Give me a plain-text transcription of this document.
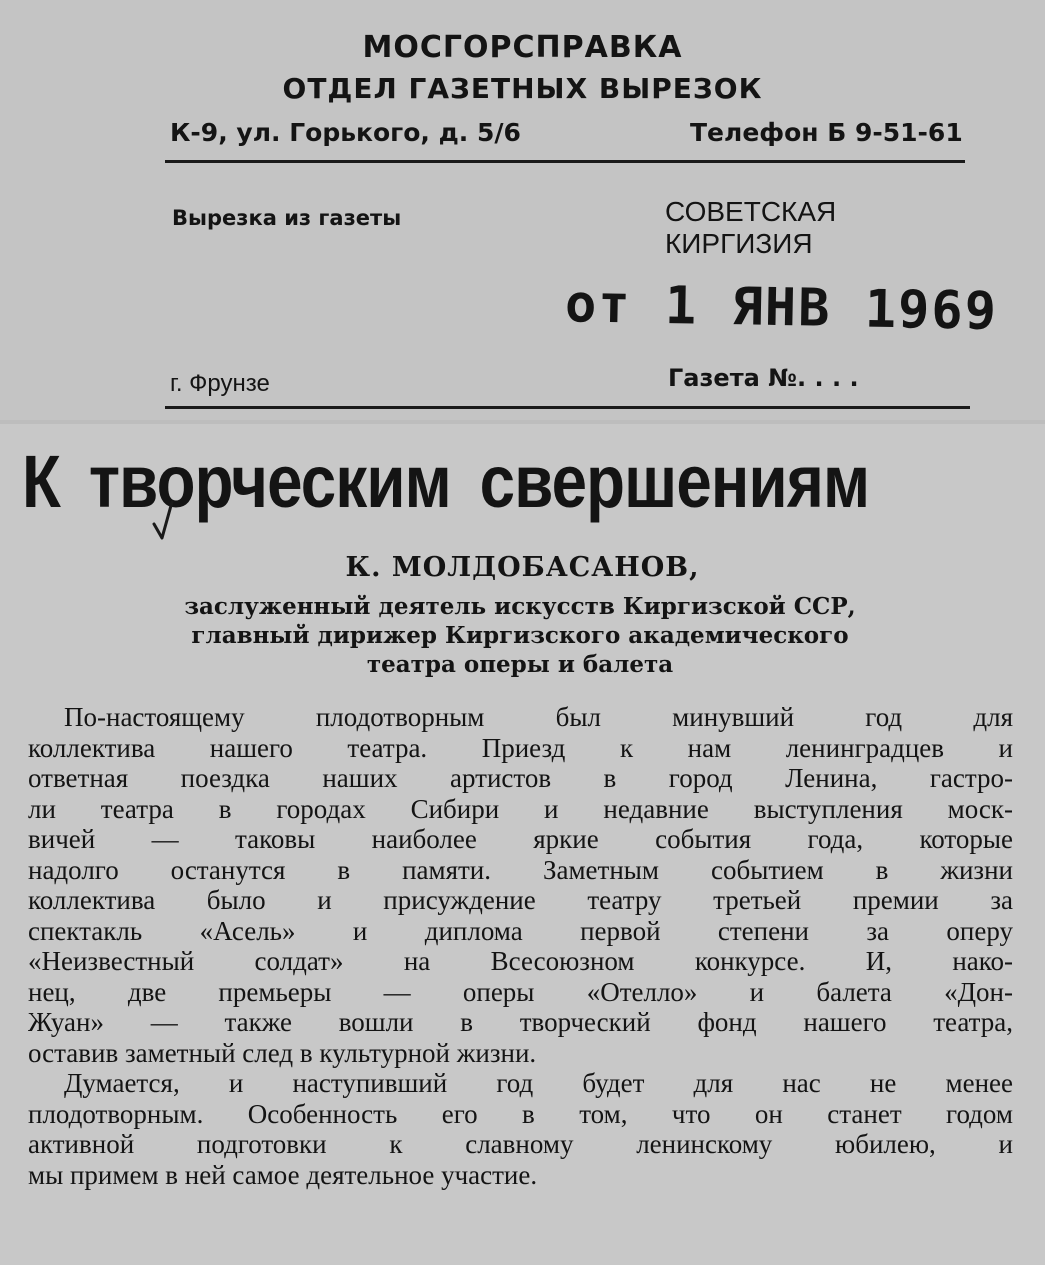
МОСГОРСПРАВКА
ОТДЕЛ ГАЗЕТНЫХ ВЫРЕЗОК
К-9, ул. Горького, д. 5/6	Телефон Б 9-51-61
Вырезка из газеты	СОВЕТСКАЯ
КИРГИЗИЯ
от 1 ЯНВ 1969
г. Фрунзе	Газета №. . . .
К творческим свершениям
К. МОЛДОБАСАНОВ,
заслуженный деятель искусств Киргизской ССР,
главный дирижер Киргизского академического
театра оперы и балета
По-настоящему плодотворным был минувший год для
коллектива нашего театра. Приезд к нам ленинградцев и
ответная поездка наших артистов в город Ленина, гастро-
ли театра в городах Сибири и недавние выступления моск-
вичей — таковы наиболее яркие события года, которые
надолго останутся в памяти. Заметным событием в жизни
коллектива было и присуждение театру третьей премии за
спектакль «Асель» и диплома первой степени за оперу
«Неизвестный солдат» на Всесоюзном конкурсе. И, нако-
нец, две премьеры — оперы «Отелло» и балета «Дон-
Жуан» — также вошли в творческий фонд нашего театра,
оставив заметный след в культурной жизни.
Думается, и наступивший год будет для нас не менее
плодотворным. Особенность его в том, что он станет годом
активной подготовки к славному ленинскому юбилею, и
мы примем в ней самое деятельное участие.
